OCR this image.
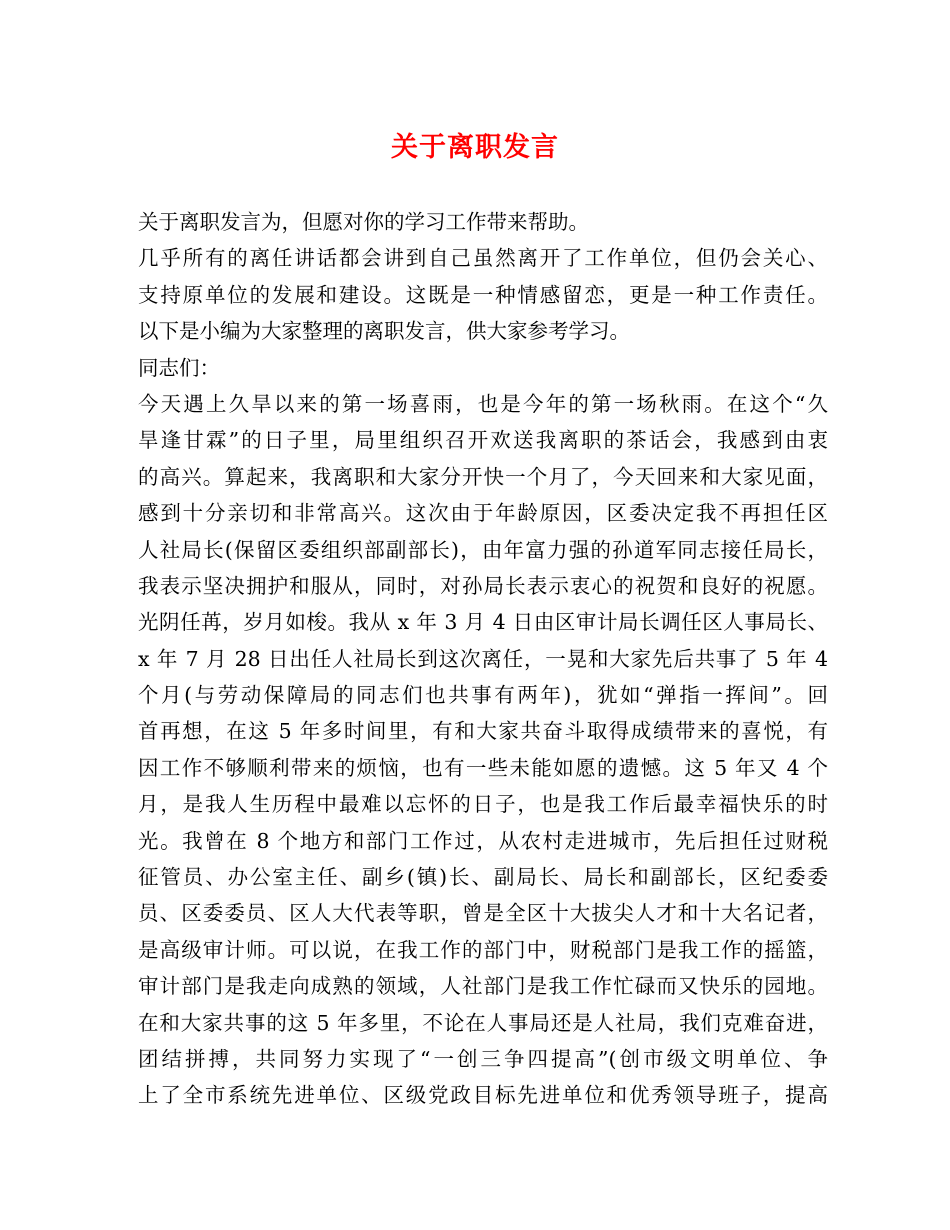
关于离职发言
关于离职发言为，但愿对你的学习工作带来帮助。
几乎所有的离任讲话都会讲到自己虽然离开了工作单位，但仍会关心、
支持原单位的发展和建设。这既是一种情感留恋，更是一种工作责任。
以下是小编为大家整理的离职发言，供大家参考学习。
同志们：
今天遇上久旱以来的第一场喜雨，也是今年的第一场秋雨。在这个“久
旱逢甘霖”的日子里，局里组织召开欢送我离职的茶话会，我感到由衷
的高兴。算起来，我离职和大家分开快一个月了，今天回来和大家见面，
感到十分亲切和非常高兴。这次由于年龄原因，区委决定我不再担任区
人社局长(保留区委组织部副部长)，由年富力强的孙道军同志接任局长，
我表示坚决拥护和服从，同时，对孙局长表示衷心的祝贺和良好的祝愿。
光阴任苒，岁月如梭。我从 x 年 3 月 4 日由区审计局长调任区人事局长、
x 年 7 月 28 日出任人社局长到这次离任，一晃和大家先后共事了 5 年 4
个月(与劳动保障局的同志们也共事有两年)，犹如“弹指一挥间”。回
首再想，在这 5 年多时间里，有和大家共奋斗取得成绩带来的喜悦，有
因工作不够顺利带来的烦恼，也有一些未能如愿的遗憾。这 5 年又 4 个
月，是我人生历程中最难以忘怀的日子，也是我工作后最幸福快乐的时
光。我曾在 8 个地方和部门工作过，从农村走进城市，先后担任过财税
征管员、办公室主任、副乡(镇)长、副局长、局长和副部长，区纪委委
员、区委委员、区人大代表等职，曾是全区十大拔尖人才和十大名记者，
是高级审计师。可以说，在我工作的部门中，财税部门是我工作的摇篮，
审计部门是我走向成熟的领域，人社部门是我工作忙碌而又快乐的园地。
在和大家共事的这 5 年多里，不论在人事局还是人社局，我们克难奋进，
团结拼搏，共同努力实现了“一创三争四提高”(创市级文明单位、争
上了全市系统先进单位、区级党政目标先进单位和优秀领导班子，提高
